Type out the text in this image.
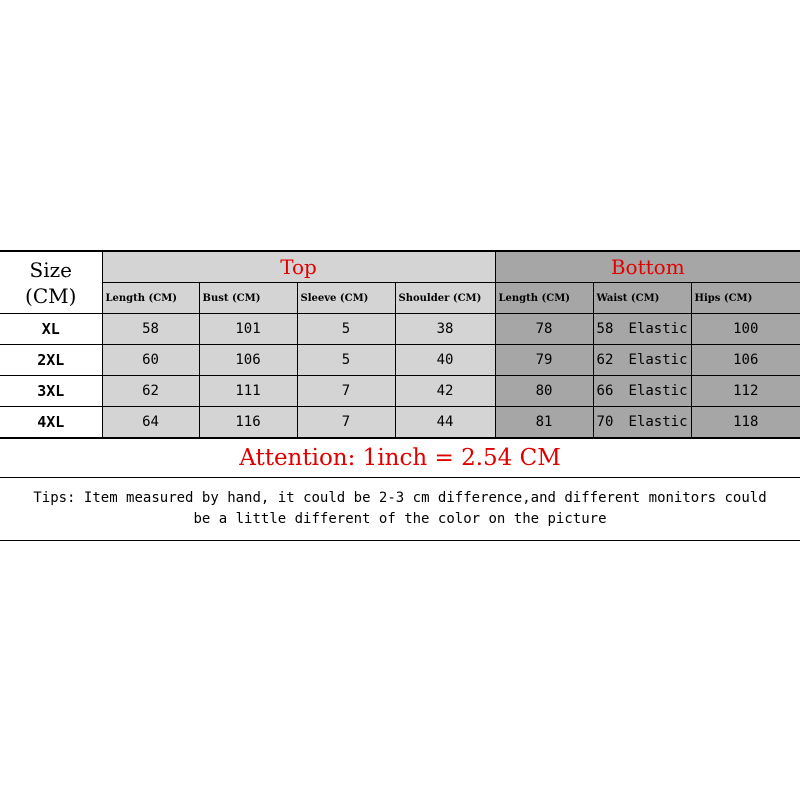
Size
(CM)	Top				Bottom		
	Length (CM)	Bust (CM)	Sleeve (CM)	Shoulder (CM)	Length (CM)	Waist (CM)	Hips (CM)
XL	58	101	5	38	78	58 Elastic	100
2XL	60	106	5	40	79	62 Elastic	106
3XL	62	111	7	42	80	66 Elastic	112
4XL	64	116	7	44	81	70 Elastic	118
Attention: 1inch = 2.54 CM
Tips: Item measured by hand, it could be 2-3 cm difference,and different monitors could be a little different of the color on the picture
